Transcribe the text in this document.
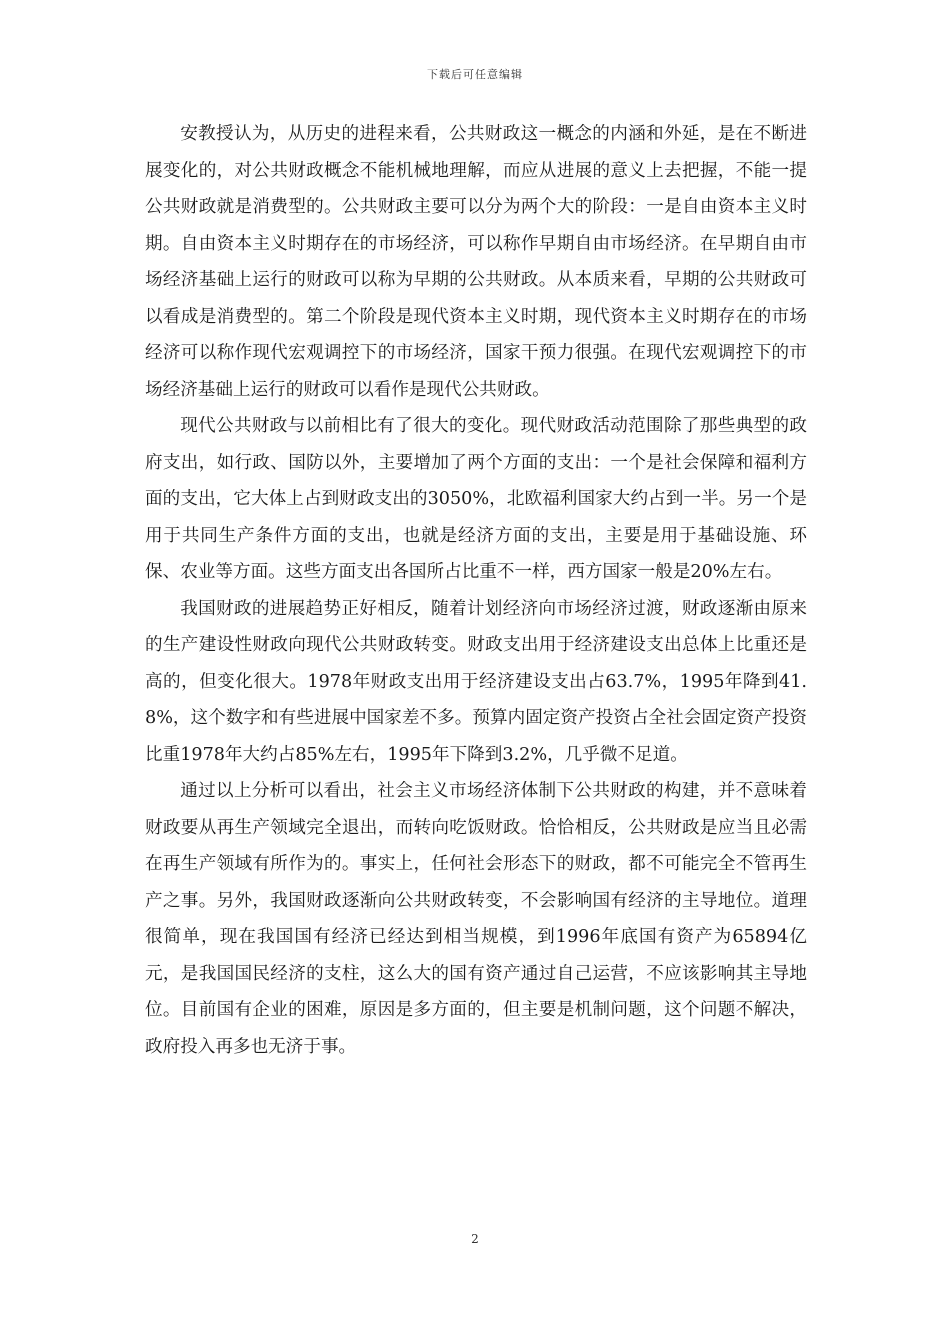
下载后可任意编辑

安教授认为，从历史的进程来看，公共财政这一概念的内涵和外延，是在不断进展变化的，对公共财政概念不能机械地理解，而应从进展的意义上去把握，不能一提公共财政就是消费型的。公共财政主要可以分为两个大的阶段：一是自由资本主义时期。自由资本主义时期存在的市场经济，可以称作早期自由市场经济。在早期自由市场经济基础上运行的财政可以称为早期的公共财政。从本质来看，早期的公共财政可以看成是消费型的。第二个阶段是现代资本主义时期，现代资本主义时期存在的市场经济可以称作现代宏观调控下的市场经济，国家干预力很强。在现代宏观调控下的市场经济基础上运行的财政可以看作是现代公共财政。

现代公共财政与以前相比有了很大的变化。现代财政活动范围除了那些典型的政府支出，如行政、国防以外，主要增加了两个方面的支出：一个是社会保障和福利方面的支出，它大体上占到财政支出的3050%，北欧福利国家大约占到一半。另一个是用于共同生产条件方面的支出，也就是经济方面的支出，主要是用于基础设施、环保、农业等方面。这些方面支出各国所占比重不一样，西方国家一般是20%左右。

我国财政的进展趋势正好相反，随着计划经济向市场经济过渡，财政逐渐由原来的生产建设性财政向现代公共财政转变。财政支出用于经济建设支出总体上比重还是高的，但变化很大。1978年财政支出用于经济建设支出占63.7%，1995年降到41.8%，这个数字和有些进展中国家差不多。预算内固定资产投资占全社会固定资产投资比重1978年大约占85%左右，1995年下降到3.2%，几乎微不足道。

通过以上分析可以看出，社会主义市场经济体制下公共财政的构建，并不意味着财政要从再生产领域完全退出，而转向吃饭财政。恰恰相反，公共财政是应当且必需在再生产领域有所作为的。事实上，任何社会形态下的财政，都不可能完全不管再生产之事。另外，我国财政逐渐向公共财政转变，不会影响国有经济的主导地位。道理很简单，现在我国国有经济已经达到相当规模，到1996年底国有资产为65894亿元，是我国国民经济的支柱，这么大的国有资产通过自己运营，不应该影响其主导地位。目前国有企业的困难，原因是多方面的，但主要是机制问题，这个问题不解决，政府投入再多也无济于事。

2
